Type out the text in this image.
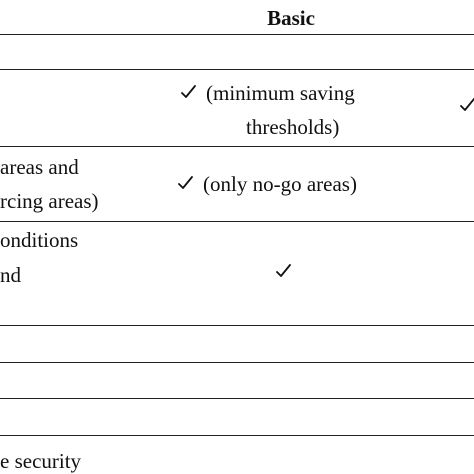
Basic
(minimum saving
thresholds)
areas and
rcing areas)
(only no-go areas)
onditions
nd
e security
